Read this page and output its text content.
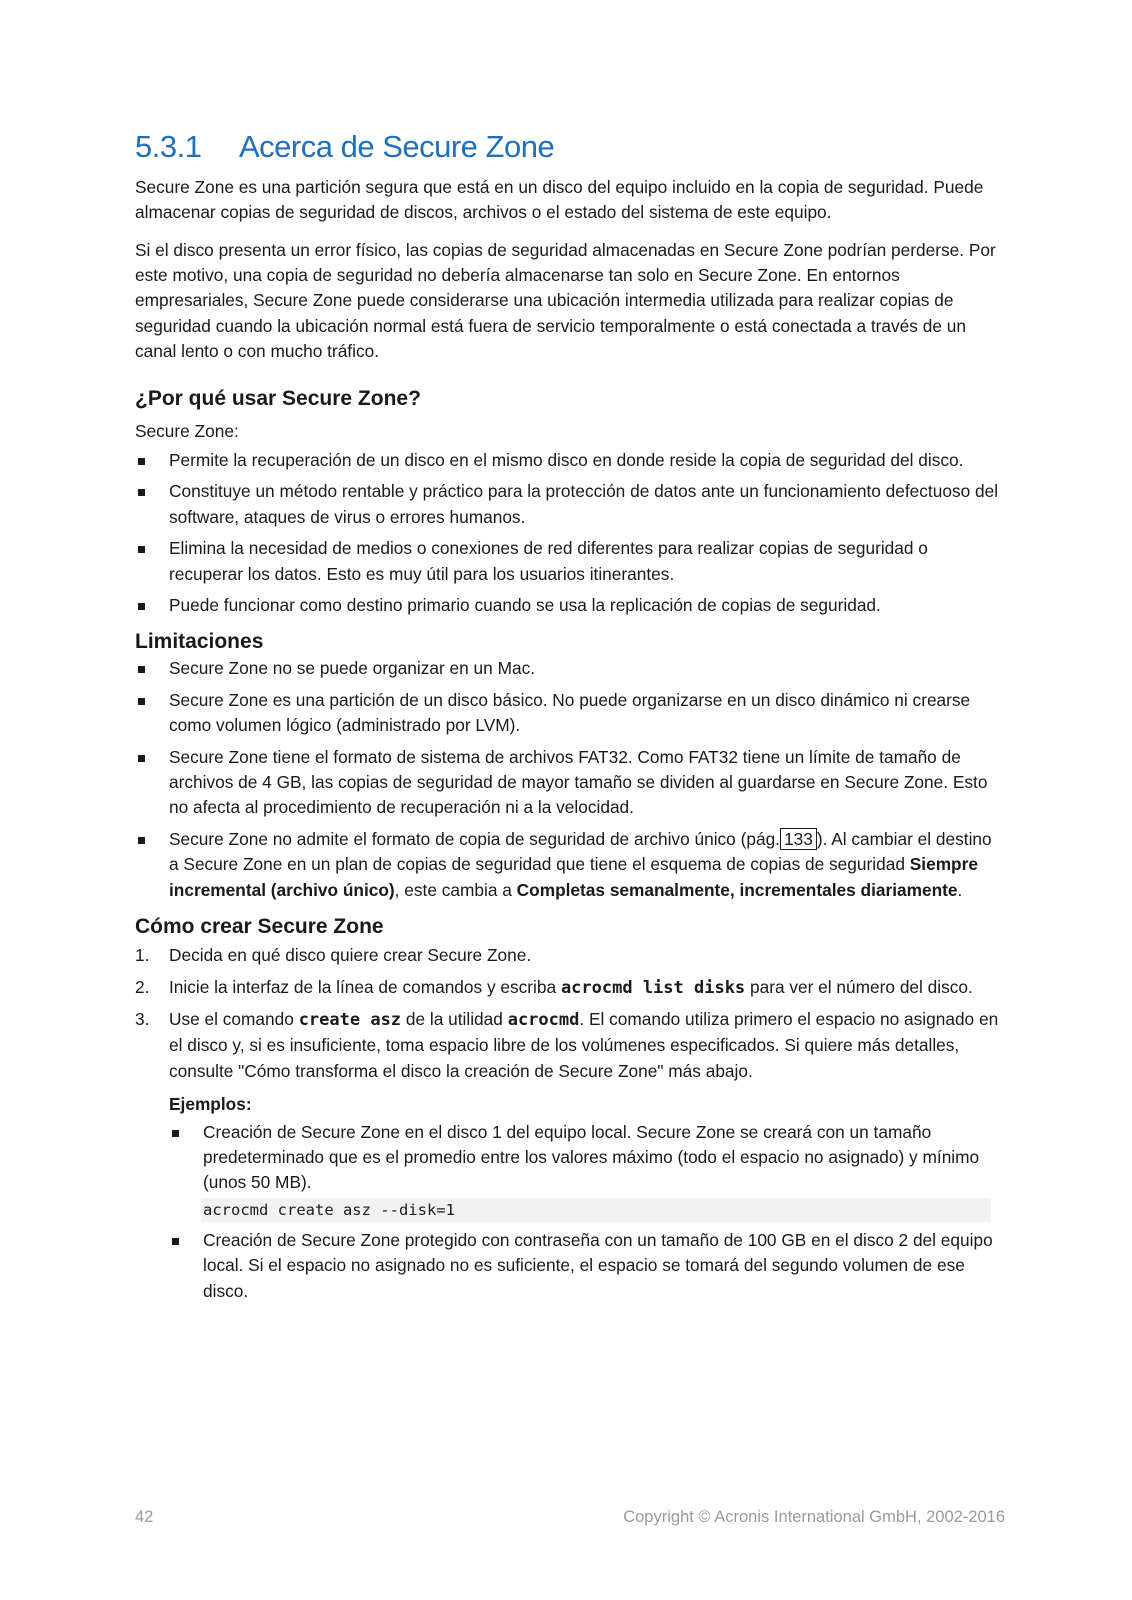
5.3.1	Acerca de Secure Zone

Secure Zone es una partición segura que está en un disco del equipo incluido en la copia de seguridad. Puede almacenar copias de seguridad de discos, archivos o el estado del sistema de este equipo.

Si el disco presenta un error físico, las copias de seguridad almacenadas en Secure Zone podrían perderse. Por este motivo, una copia de seguridad no debería almacenarse tan solo en Secure Zone. En entornos empresariales, Secure Zone puede considerarse una ubicación intermedia utilizada para realizar copias de seguridad cuando la ubicación normal está fuera de servicio temporalmente o está conectada a través de un canal lento o con mucho tráfico.

¿Por qué usar Secure Zone?

Secure Zone:

Permite la recuperación de un disco en el mismo disco en donde reside la copia de seguridad del disco.
Constituye un método rentable y práctico para la protección de datos ante un funcionamiento defectuoso del software, ataques de virus o errores humanos.
Elimina la necesidad de medios o conexiones de red diferentes para realizar copias de seguridad o recuperar los datos. Esto es muy útil para los usuarios itinerantes.
Puede funcionar como destino primario cuando se usa la replicación de copias de seguridad.
Limitaciones
Secure Zone no se puede organizar en un Mac.
Secure Zone es una partición de un disco básico. No puede organizarse en un disco dinámico ni crearse como volumen lógico (administrado por LVM).
Secure Zone tiene el formato de sistema de archivos FAT32. Como FAT32 tiene un límite de tamaño de archivos de 4 GB, las copias de seguridad de mayor tamaño se dividen al guardarse en Secure Zone. Esto no afecta al procedimiento de recuperación ni a la velocidad.
Secure Zone no admite el formato de copia de seguridad de archivo único (pág. 133 ). Al cambiar el destino a Secure Zone en un plan de copias de seguridad que tiene el esquema de copias de seguridad Siempre incremental (archivo único), este cambia a Completas semanalmente, incrementales diariamente.
Cómo crear Secure Zone
1. Decida en qué disco quiere crear Secure Zone.
2. Inicie la interfaz de la línea de comandos y escriba acrocmd list disks para ver el número del disco.
3. Use el comando create asz de la utilidad acrocmd. El comando utiliza primero el espacio no asignado en el disco y, si es insuficiente, toma espacio libre de los volúmenes especificados. Si quiere más detalles, consulte "Cómo transforma el disco la creación de Secure Zone" más abajo.
Ejemplos:
Creación de Secure Zone en el disco 1 del equipo local. Secure Zone se creará con un tamaño predeterminado que es el promedio entre los valores máximo (todo el espacio no asignado) y mínimo (unos 50 MB).
acrocmd create asz --disk=1
Creación de Secure Zone protegido con contraseña con un tamaño de 100 GB en el disco 2 del equipo local. Si el espacio no asignado no es suficiente, el espacio se tomará del segundo volumen de ese disco.
42	Copyright © Acronis International GmbH, 2002-2016
